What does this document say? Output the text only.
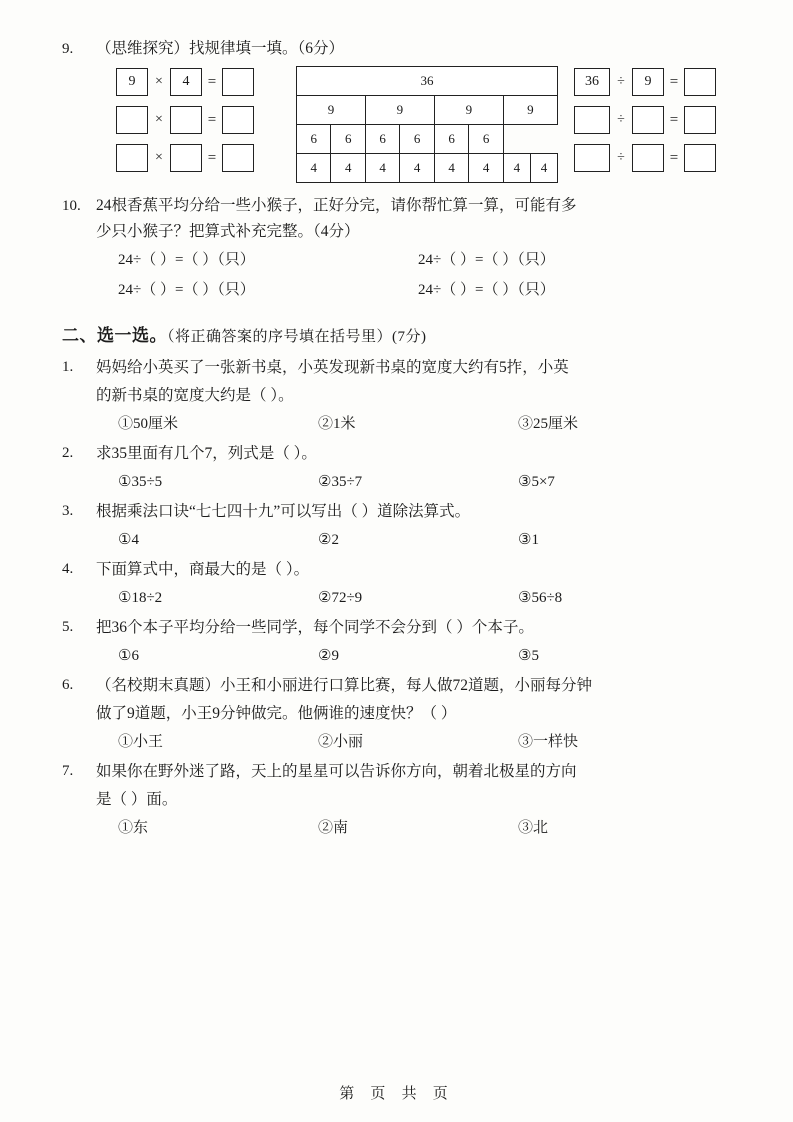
9.	（思维探究）找规律填一填。（6分）
9	×	4	=
×	=
×	=
36							
9		9		9		9	
6	6	6	6	6	6		
4	4	4	4	4	4	4	4
36	÷	9	=
÷	=
÷	=
10. 24根香蕉平均分给一些小猴子，正好分完，请你帮忙算一算，可能有多
少只小猴子？把算式补充完整。（4分）
24÷（ ）=（ ）（只）	24÷（ ）=（ ）（只）
24÷（ ）=（ ）（只）	24÷（ ）=（ ）（只）
二、选一选。（将正确答案的序号填在括号里）(7分)
1.	妈妈给小英买了一张新书桌，小英发现新书桌的宽度大约有5拃，小英
的新书桌的宽度大约是（ ）。
①50厘米	②1米	③25厘米
2.	求35里面有几个7，列式是（ ）。
①35÷5	②35÷7	③5×7
3.	根据乘法口诀“七七四十九”可以写出（ ）道除法算式。
①4	②2	③1
4.	下面算式中，商最大的是（ ）。
①18÷2	②72÷9	③56÷8
5.	把36个本子平均分给一些同学，每个同学不会分到（ ）个本子。
①6	②9	③5
6.	（名校期末真题）小王和小丽进行口算比赛，每人做72道题，小丽每分钟
做了9道题，小王9分钟做完。他俩谁的速度快？（ ）
①小王	②小丽	③一样快
7.	如果你在野外迷了路，天上的星星可以告诉你方向，朝着北极星的方向
是（ ）面。
①东	②南	③北
第 页 共 页
